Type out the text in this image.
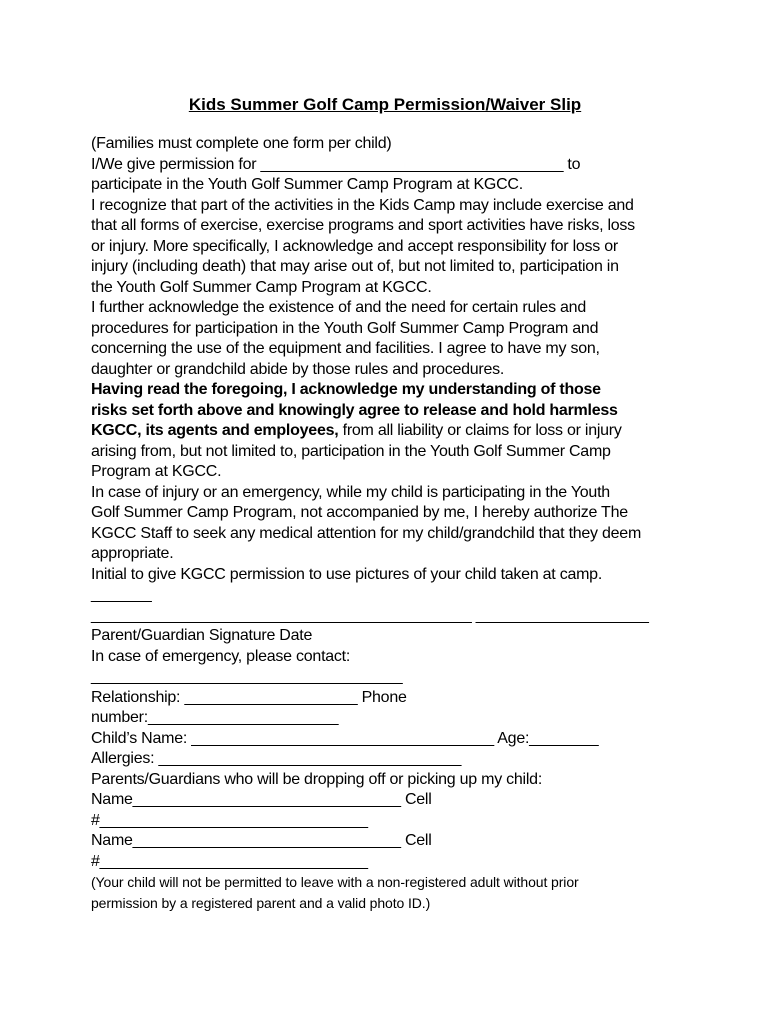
Kids Summer Golf Camp Permission/Waiver Slip
(Families must complete one form per child)
I/We give permission for ___________________________________ to
participate in the Youth Golf Summer Camp Program at KGCC.
I recognize that part of the activities in the Kids Camp may include exercise and
that all forms of exercise, exercise programs and sport activities have risks, loss
or injury. More specifically, I acknowledge and accept responsibility for loss or
injury (including death) that may arise out of, but not limited to, participation in
the Youth Golf Summer Camp Program at KGCC.
I further acknowledge the existence of and the need for certain rules and
procedures for participation in the Youth Golf Summer Camp Program and
concerning the use of the equipment and facilities. I agree to have my son,
daughter or grandchild abide by those rules and procedures.
Having read the foregoing, I acknowledge my understanding of those
risks set forth above and knowingly agree to release and hold harmless
KGCC, its agents and employees, from all liability or claims for loss or injury
arising from, but not limited to, participation in the Youth Golf Summer Camp
Program at KGCC.
In case of injury or an emergency, while my child is participating in the Youth
Golf Summer Camp Program, not accompanied by me, I hereby authorize The
KGCC Staff to seek any medical attention for my child/grandchild that they deem
appropriate.
Initial to give KGCC permission to use pictures of your child taken at camp.
_______
____________________________________________ ____________________
Parent/Guardian Signature Date
In case of emergency, please contact:
____________________________________
Relationship: ____________________ Phone
number:______________________
Child’s Name: ___________________________________ Age:________
Allergies: ___________________________________
Parents/Guardians who will be dropping off or picking up my child:
Name_______________________________ Cell
#_______________________________
Name_______________________________ Cell
#_______________________________
(Your child will not be permitted to leave with a non-registered adult without prior
permission by a registered parent and a valid photo ID.)
